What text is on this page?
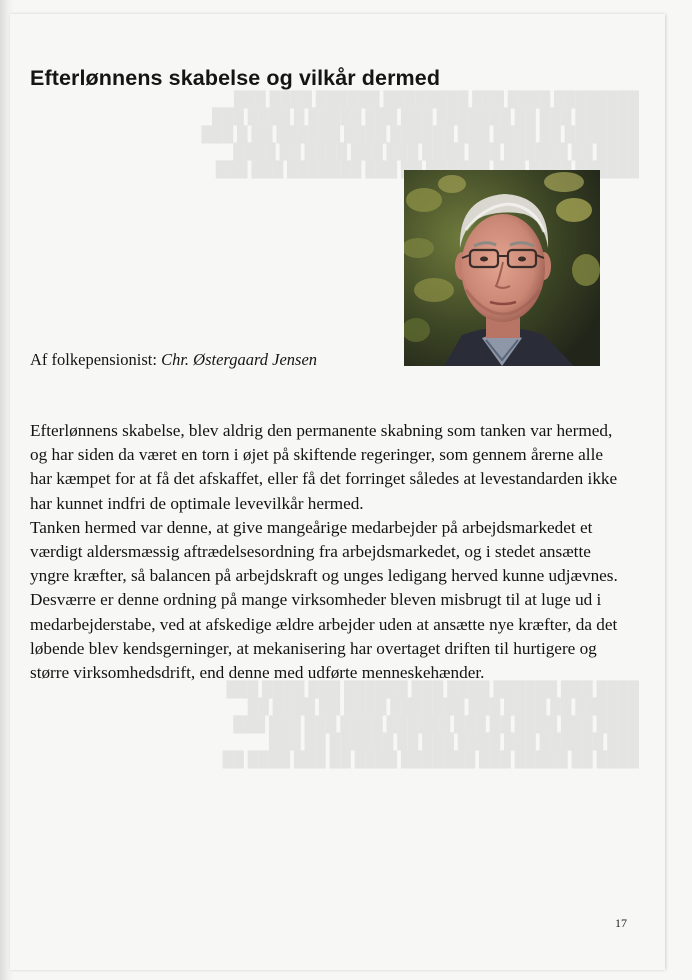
████████ ████ ███ ████████ ██████ ████ ███
██████ ███ ██ ███████ ███ ███ █████ █ ████ ███
███████ ██ ████ ███ ██████ ████ ██████ ██ █ ███
████ ██ ██████ ███ ████ ███ ███ ████ ██ ████
██████     ███ ███████ ███ ███

████ ███ ██████ ████ ███ ██████ ███ ████ ███
██████ ██ ████ ███ ███████ ████ ██ ████ ██
████ ███ ████ ██ ███ ██████ ████ ███ ███ ███
███ ██████ ███ ████ ███ ██ ██████ ██ ███
████ ██ █████ ███ ███████ ████ ██ ███ ████ ██

Efterlønnens skabelse og vilkår dermed
Af folkepensionist: Chr. Østergaard Jensen

Efterlønnens skabelse, blev aldrig den permanente skabning som tanken var hermed, og har siden da været en torn i øjet på skiftende regeringer, som gennem årerne alle har kæmpet for at få det afskaffet, eller få det forringet således at levestandarden ikke har kunnet indfri de optimale levevilkår hermed.

Tanken hermed var denne, at give mangeårige medarbejder på arbejdsmarkedet et værdigt aldersmæssig aftrædelsesordning fra arbejdsmarkedet, og i stedet ansætte yngre kræfter, så balancen på arbejdskraft og unges ledigang herved kunne udjævnes.

Desværre er denne ordning på mange virksomheder bleven misbrugt til at luge ud i medarbejderstabe, ved at afskedige ældre arbejder uden at ansætte nye kræfter, da det løbende blev kendsgerninger, at mekanisering har overtaget driften til hurtigere og større virksomhedsdrift, end denne med udførte menneskehænder.

17
